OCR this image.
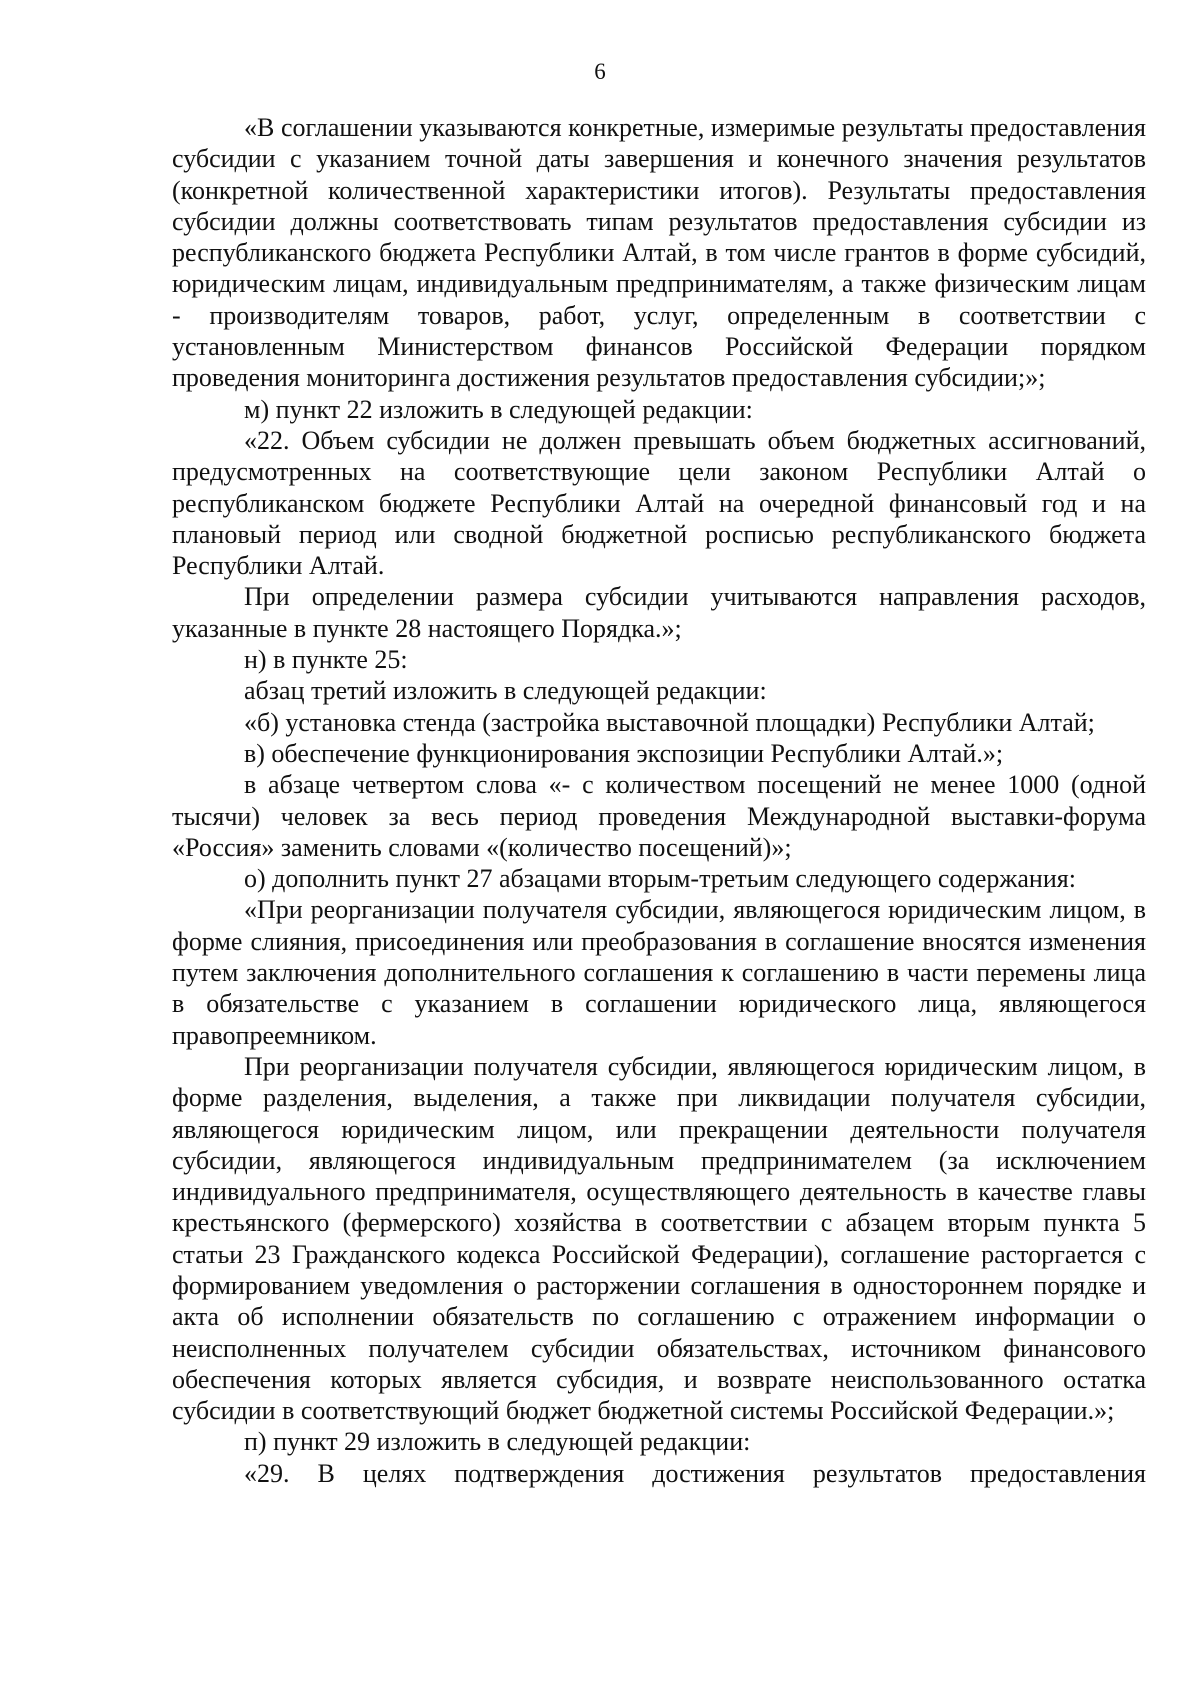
6

«В соглашении указываются конкретные, измеримые результаты предоставления субсидии с указанием точной даты завершения и конечного значения результатов (конкретной количественной характеристики итогов). Результаты предоставления субсидии должны соответствовать типам результатов предоставления субсидии из республиканского бюджета Республики Алтай, в том числе грантов в форме субсидий, юридическим лицам, индивидуальным предпринимателям, а также физическим лицам - производителям товаров, работ, услуг, определенным в соответствии с установленным Министерством финансов Российской Федерации порядком проведения мониторинга достижения результатов предоставления субсидии;»;

м) пункт 22 изложить в следующей редакции:

«22. Объем субсидии не должен превышать объем бюджетных ассигнований, предусмотренных на соответствующие цели законом Республики Алтай о республиканском бюджете Республики Алтай на очередной финансовый год и на плановый период или сводной бюджетной росписью республиканского бюджета Республики Алтай.

При определении размера субсидии учитываются направления расходов, указанные в пункте 28 настоящего Порядка.»;

н) в пункте 25:

абзац третий изложить в следующей редакции:

«б) установка стенда (застройка выставочной площадки) Республики Алтай;

в) обеспечение функционирования экспозиции Республики Алтай.»;

в абзаце четвертом слова «- с количеством посещений не менее 1000 (одной тысячи) человек за весь период проведения Международной выставки-форума «Россия» заменить словами «(количество посещений)»;

о) дополнить пункт 27 абзацами вторым-третьим следующего содержания:

«При реорганизации получателя субсидии, являющегося юридическим лицом, в форме слияния, присоединения или преобразования в соглашение вносятся изменения путем заключения дополнительного соглашения к соглашению в части перемены лица в обязательстве с указанием в соглашении юридического лица, являющегося правопреемником.

При реорганизации получателя субсидии, являющегося юридическим лицом, в форме разделения, выделения, а также при ликвидации получателя субсидии, являющегося юридическим лицом, или прекращении деятельности получателя субсидии, являющегося индивидуальным предпринимателем (за исключением индивидуального предпринимателя, осуществляющего деятельность в качестве главы крестьянского (фермерского) хозяйства в соответствии с абзацем вторым пункта 5 статьи 23 Гражданского кодекса Российской Федерации), соглашение расторгается с формированием уведомления о расторжении соглашения в одностороннем порядке и акта об исполнении обязательств по соглашению с отражением информации о неисполненных получателем субсидии обязательствах, источником финансового обеспечения которых является субсидия, и возврате неиспользованного остатка субсидии в соответствующий бюджет бюджетной системы Российской Федерации.»;

п) пункт 29 изложить в следующей редакции:

«29. В целях подтверждения достижения результатов предоставления
